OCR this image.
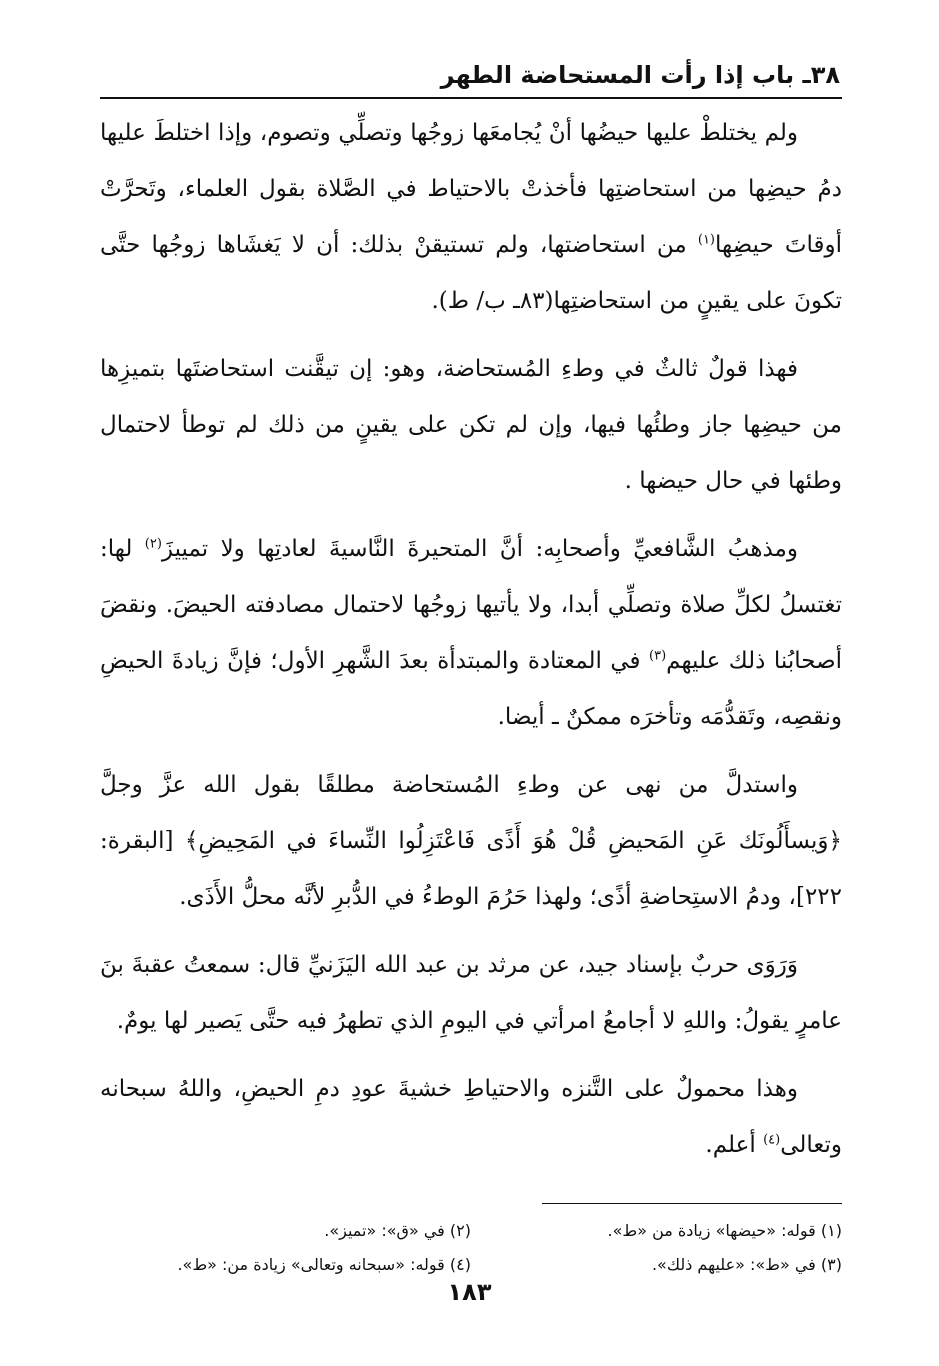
٣٨ـ باب إذا رأت المستحاضة الطهر

ولم يختلطْ عليها حيضُها أنْ يُجامعَها زوجُها وتصلِّي وتصوم، وإذا اختلطَ عليها دمُ حيضِها من استحاضتِها فأخذتْ بالاحتياط في الصَّلاة بقول العلماء، وتَحرَّتْ أوقاتَ حيضِها$^{(١)}$ من استحاضتها، ولم تستيقنْ بذلك: أن لا يَغشَاها زوجُها حتَّى تكونَ على يقينٍ من استحاضتِها(٨٣ـ ب/ ط).

فهذا قولٌ ثالثٌ في وطءِ المُستحاضة، وهو: إن تيقَّنت استحاضتَها بتميزِها من حيضِها جاز وطئُها فيها، وإن لم تكن على يقينٍ من ذلك لم توطأ لاحتمال وطئها في حال حيضها .

ومذهبُ الشَّافعيِّ وأصحابِه: أنَّ المتحيرةَ النَّاسيةَ لعادتِها ولا تمييزَ$^{(٢)}$ لها: تغتسلُ لكلِّ صلاة وتصلِّي أبدا، ولا يأتيها زوجُها لاحتمال مصادفته الحيضَ. ونقضَ أصحابُنا ذلك عليهم$^{(٣)}$ في المعتادة والمبتدأة بعدَ الشَّهرِ الأول؛ فإنَّ زيادةَ الحيضِ ونقصِه، وتَقدُّمَه وتأخرَه ممكنٌ ـ أيضا.

واستدلَّ من نهى عن وطءِ المُستحاضة مطلقًا بقول الله عزَّ وجلَّ ﴿وَيسأَلُونَك عَنِ المَحيضِ قُلْ هُوَ أَذًى فَاعْتَزِلُوا النِّساءَ في المَحِيضِ﴾ [البقرة: ٢٢٢]، ودمُ الاستِحاضةِ أذًى؛ ولهذا حَرُمَ الوطءُ في الدُّبرِ لأنَّه محلُّ الأَذَى.

وَرَوَى حربٌ بإسناد جيد، عن مرثد بن عبد الله اليَزَنيِّ قال: سمعتُ عقبةَ بنَ عامرٍ يقولُ: واللهِ لا أجامعُ امرأتي في اليومِ الذي تطهرُ فيه حتَّى يَصير لها يومٌ.

وهذا محمولٌ على التَّنزه والاحتياطِ خشيةَ عودِ دمِ الحيضِ، واللهُ سبحانه وتعالى$^{(٤)}$ أعلم.

(١) قوله: «حيضها» زيادة من «ط».
(٢) في «ق»: «تميز».
(٣) في «ط»: «عليهم ذلك».
(٤) قوله: «سبحانه وتعالى» زيادة من: «ط».
١٨٣
